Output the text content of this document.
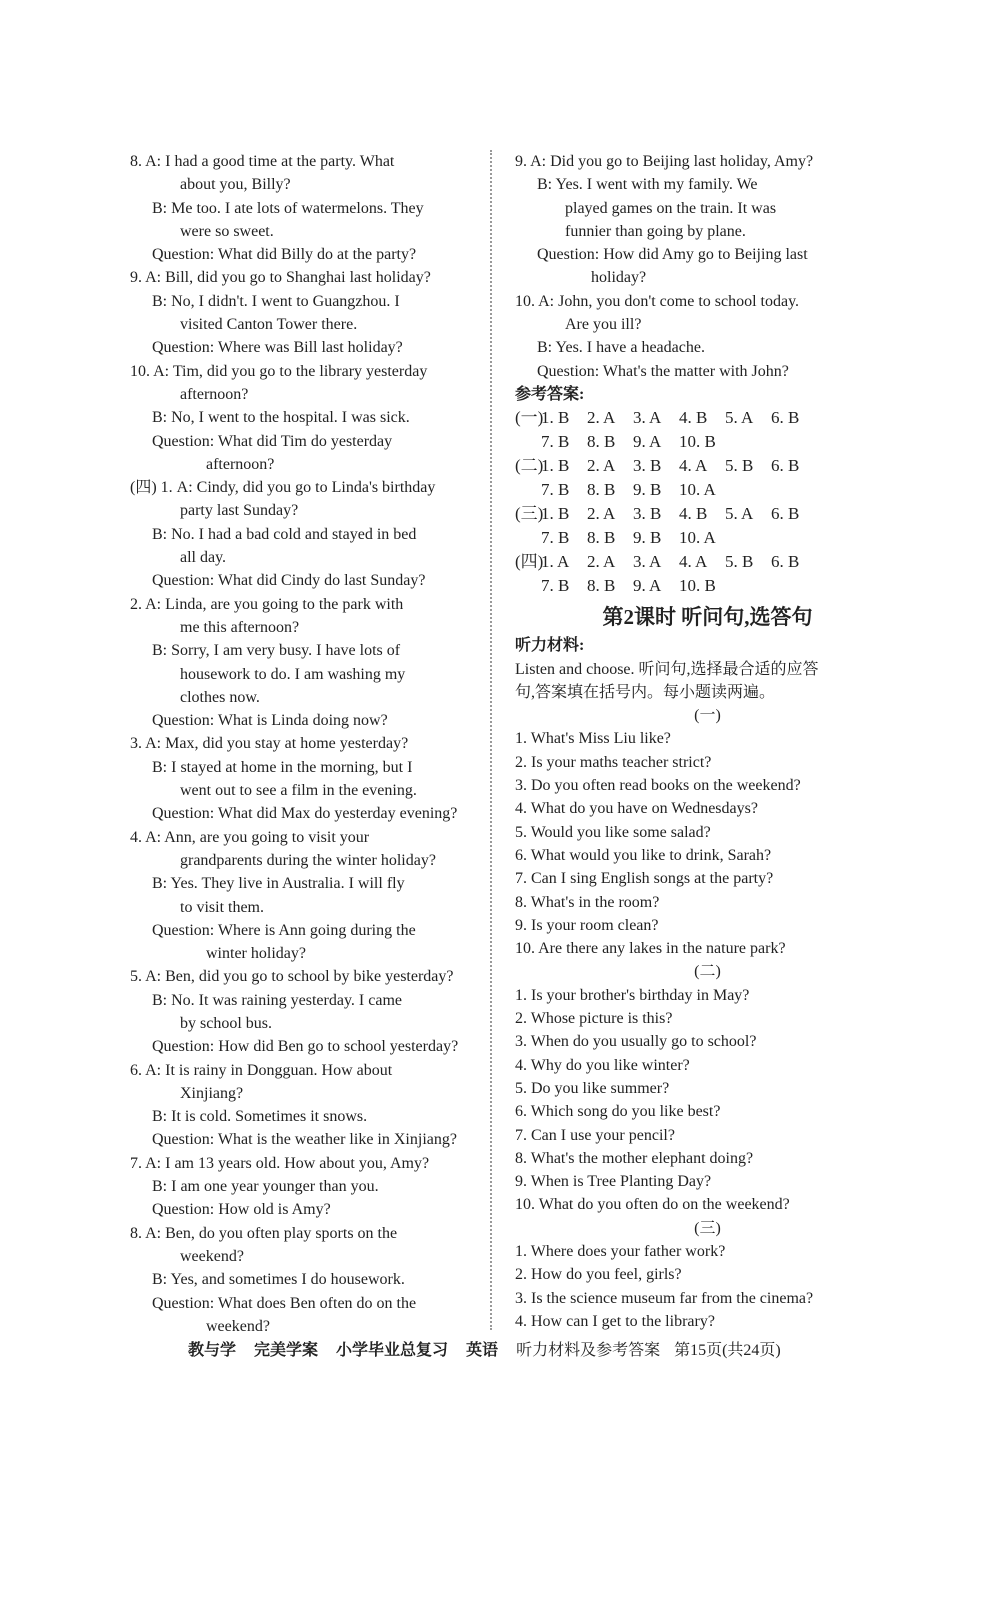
8. A: I had a good time at the party. What
about you, Billy?
B: Me too. I ate lots of watermelons. They
were so sweet.
Question: What did Billy do at the party?
9. A: Bill, did you go to Shanghai last holiday?
B: No, I didn't. I went to Guangzhou. I
visited Canton Tower there.
Question: Where was Bill last holiday?
10. A: Tim, did you go to the library yesterday
afternoon?
B: No, I went to the hospital. I was sick.
Question: What did Tim do yesterday
afternoon?
(四) 1. A: Cindy, did you go to Linda's birthday
party last Sunday?
B: No. I had a bad cold and stayed in bed
all day.
Question: What did Cindy do last Sunday?
2. A: Linda, are you going to the park with
me this afternoon?
B: Sorry, I am very busy. I have lots of
housework to do. I am washing my
clothes now.
Question: What is Linda doing now?
3. A: Max, did you stay at home yesterday?
B: I stayed at home in the morning, but I
went out to see a film in the evening.
Question: What did Max do yesterday evening?
4. A: Ann, are you going to visit your
grandparents during the winter holiday?
B: Yes. They live in Australia. I will fly
to visit them.
Question: Where is Ann going during the
winter holiday?
5. A: Ben, did you go to school by bike yesterday?
B: No. It was raining yesterday. I came
by school bus.
Question: How did Ben go to school yesterday?
6. A: It is rainy in Dongguan. How about
Xinjiang?
B: It is cold. Sometimes it snows.
Question: What is the weather like in Xinjiang?
7. A: I am 13 years old. How about you, Amy?
B: I am one year younger than you.
Question: How old is Amy?
8. A: Ben, do you often play sports on the
weekend?
B: Yes, and sometimes I do housework.
Question: What does Ben often do on the
weekend?
9. A: Did you go to Beijing last holiday, Amy?
B: Yes. I went with my family. We
played games on the train. It was
funnier than going by plane.
Question: How did Amy go to Beijing last
holiday?
10. A: John, you don't come to school today.
Are you ill?
B: Yes. I have a headache.
Question: What's the matter with John?
参考答案:
(一)
1. B	2. A	3. A	4. B	5. A	6. B
7. B	8. B	9. A	10. B
(二)
1. B	2. A	3. B	4. A	5. B	6. B
7. B	8. B	9. B	10. A
(三)
1. B	2. A	3. B	4. B	5. A	6. B
7. B	8. B	9. B	10. A
(四)
1. A	2. A	3. A	4. A	5. B	6. B
7. B	8. B	9. A	10. B
第2课时 听问句,选答句
听力材料:
Listen and choose. 听问句,选择最合适的应答
句,答案填在括号内。每小题读两遍。
(一)
1. What's Miss Liu like?
2. Is your maths teacher strict?
3. Do you often read books on the weekend?
4. What do you have on Wednesdays?
5. Would you like some salad?
6. What would you like to drink, Sarah?
7. Can I sing English songs at the party?
8. What's in the room?
9. Is your room clean?
10. Are there any lakes in the nature park?
(二)
1. Is your brother's birthday in May?
2. Whose picture is this?
3. When do you usually go to school?
4. Why do you like winter?
5. Do you like summer?
6. Which song do you like best?
7. Can I use your pencil?
8. What's the mother elephant doing?
9. When is Tree Planting Day?
10. What do you often do on the weekend?
(三)
1. Where does your father work?
2. How do you feel, girls?
3. Is the science museum far from the cinema?
4. How can I get to the library?
教与学 完美学案 小学毕业总复习 英语 听力材料及参考答案 第15页(共24页)
